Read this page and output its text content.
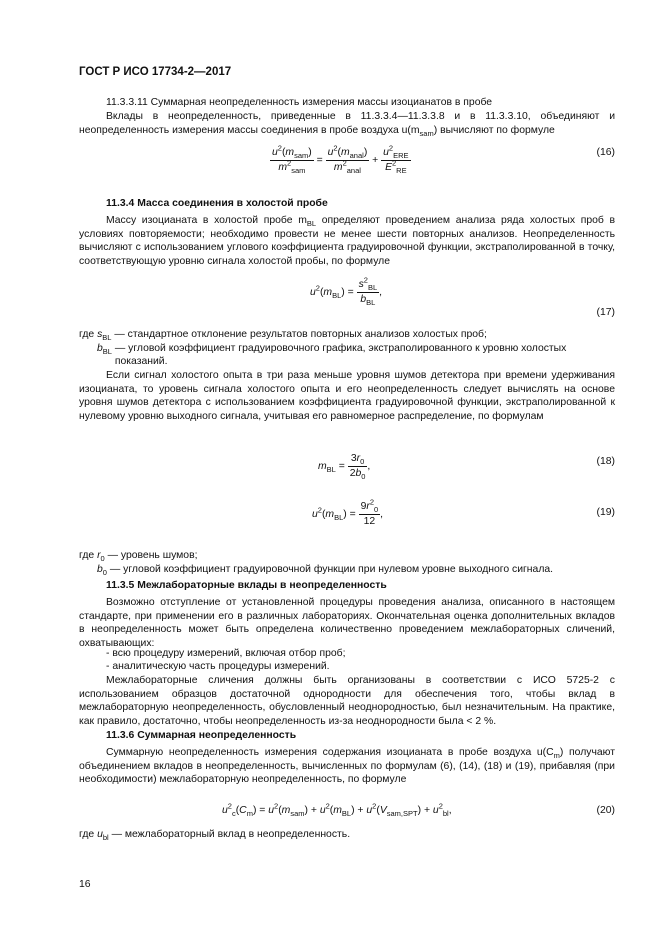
ГОСТ Р ИСО 17734-2—2017
11.3.3.11 Суммарная неопределенность измерения массы изоцианатов в пробе
Вклады в неопределенность, приведенные в 11.3.3.4—11.3.3.8 и в 11.3.3.10, объединяют и неопределенность измерения массы соединения в пробе воздуха $u(m_{sam})$ вычисляют по формуле
$\frac{u^2(m_{sam})}{m^2_{sam}} = \frac{u^2(m_{anal})}{m^2_{anal}} + \frac{u^2_{ERE}}{E^2_{RE}}$	(16)
11.3.4 Масса соединения в холостой пробе
Массу изоцианата в холостой пробе $m_{BL}$ определяют проведением анализа ряда холостых проб в условиях повторяемости; необходимо провести не менее шести повторных анализов. Неопределенность вычисляют с использованием углового коэффициента градуировочной функции, экстраполированной в точку, соответствующую уровню сигнала холостой пробы, по формуле
$u^2(m_{BL}) = \frac{s^2_{BL}}{b_{BL}}$ ,
(17)
где $s_{BL}$ — стандартное отклонение результатов повторных анализов холостых проб;
$b_{BL}$ — угловой коэффициент градуировочного графика, экстраполированного к уровню холостых показаний.
Если сигнал холостого опыта в три раза меньше уровня шумов детектора при времени удерживания изоцианата, то уровень сигнала холостого опыта и его неопределенность следует вычислять на основе уровня шумов детектора с использованием коэффициента градуировочной функции, экстраполированной к нулевому уровню выходного сигнала, учитывая его равномерное распределение, по формулам
$m_{BL} = \frac{3r_0}{2b_0}$ ,	(18)
$u^2(m_{BL}) = \frac{9r^2_0}{12}$ ,	(19)
где $r_0$ — уровень шумов;
$b_0$ — угловой коэффициент градуировочной функции при нулевом уровне выходного сигнала.
11.3.5 Межлабораторные вклады в неопределенность
Возможно отступление от установленной процедуры проведения анализа, описанного в настоящем стандарте, при применении его в различных лабораториях. Окончательная оценка дополнительных вкладов в неопределенность может быть определена количественно проведением межлабораторных сличений, охватывающих:
- всю процедуру измерений, включая отбор проб;
- аналитическую часть процедуры измерений.
Межлабораторные сличения должны быть организованы в соответствии с ИСО 5725-2 с использованием образцов достаточной однородности для обеспечения того, чтобы вклад в межлабораторную неопределенность, обусловленный неоднородностью, был незначительным. На практике, как правило, достаточно, чтобы неопределенность из-за неоднородности была < 2 %.
11.3.6 Суммарная неопределенность
Суммарную неопределенность измерения содержания изоцианата в пробе воздуха $u(C_m)$ получают объединением вкладов в неопределенность, вычисленных по формулам (6), (14), (18) и (19), прибавляя (при необходимости) межлабораторную неопределенность, по формуле
$u^2_c(C_m) = u^2(m_{sam}) + u^2(m_{BL}) + u^2(V_{sam,SPT}) + u^2_{bl}$,	(20)
где $u_{bl}$ — межлабораторный вклад в неопределенность.
16
